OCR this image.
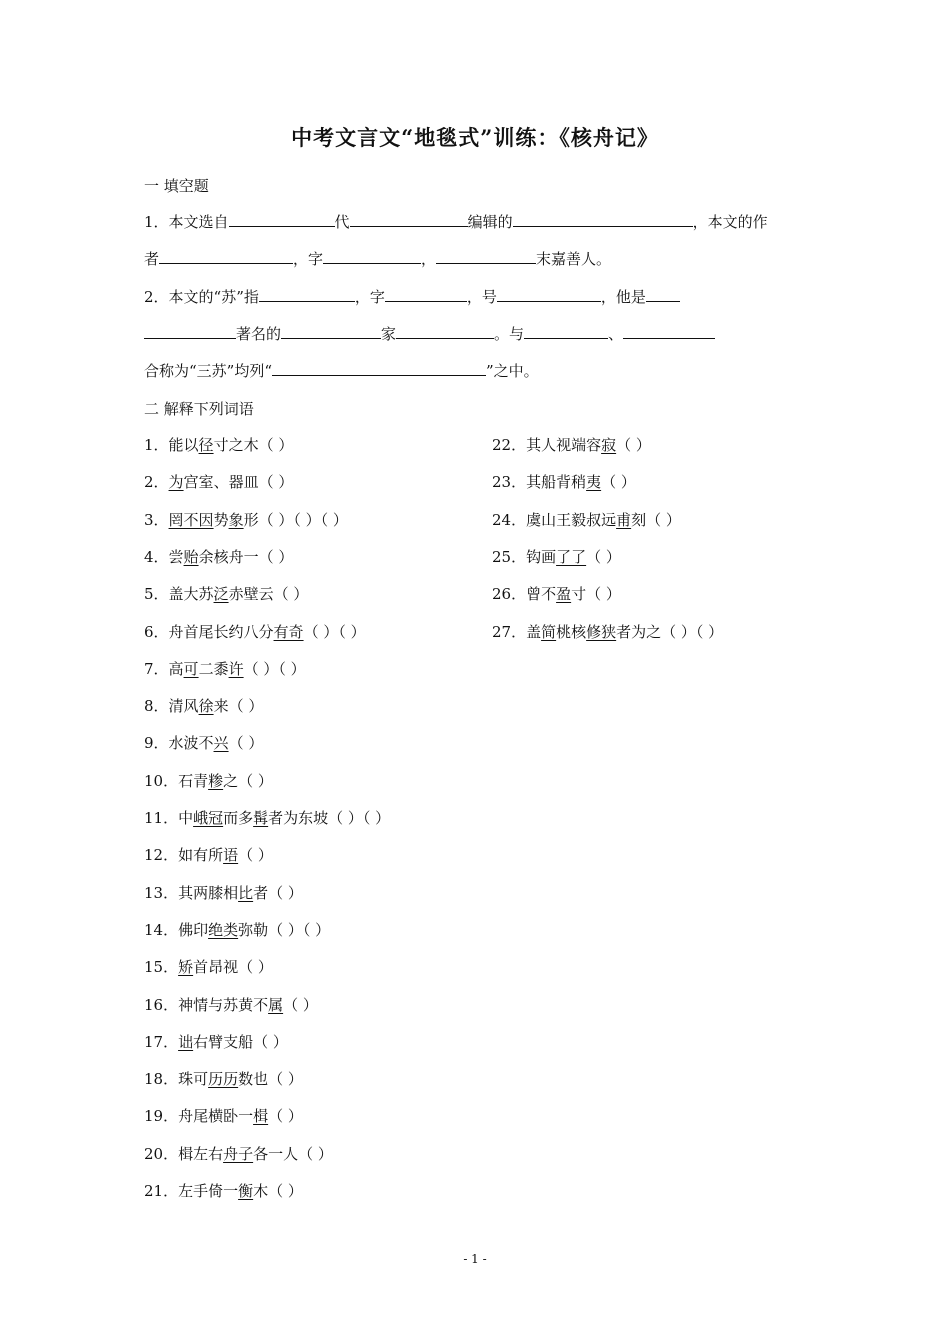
中考文言文“地毯式”训练：《核舟记》
一 填空题
1．本文选自	代	编辑的	，本文的作
者	，字	，	末嘉善人。
2．本文的“苏”指	，字	，号	，他是
著名的	家	。与	、
合称为“三苏”均列“	”之中。
二 解释下列词语
1．能以径寸之木（ ）
2．为宫室、器皿（ ）
3．罔不因势象形（ ）（ ）（ ）
4．尝贻余核舟一（ ）
5．盖大苏泛赤壁云（ ）
6．舟首尾长约八分有奇（ ）（ ）
7．高可二黍许（ ）（ ）
8．清风徐来（ ）
9．水波不兴（ ）
10．石青糁之（ ）
11．中峨冠而多髯者为东坡（ ）（ ）
12．如有所语（ ）
13．其两膝相比者（ ）
14．佛印绝类弥勒（ ）（ ）
15．矫首昂视（ ）
16．神情与苏黄不属（ ）
17．诎右臂支船（ ）
18．珠可历历数也（ ）
19．舟尾横卧一楫（ ）
20．楫左右舟子各一人（ ）
21．左手倚一衡木（ ）
22．其人视端容寂（ ）
23．其船背稍夷（ ）
24．虞山王毅叔远甫刻（ ）
25．钩画了了（ ）
26．曾不盈寸（ ）
27．盖简桃核修狭者为之（ ）（ ）
- 1 -
